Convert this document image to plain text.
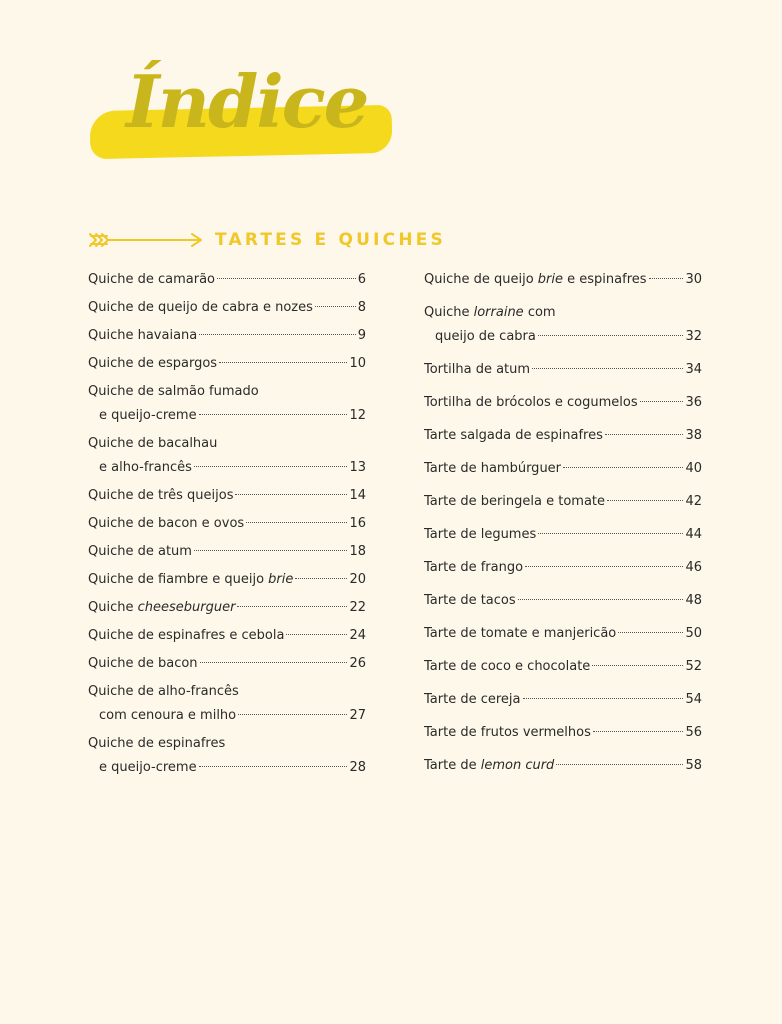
Índice
TARTES E QUICHES
Quiche de camarão	6
Quiche de queijo de cabra e nozes	8
Quiche havaiana	9
Quiche de espargos	10
Quiche de salmão fumado
e queijo-creme	12
Quiche de bacalhau
e alho-francês	13
Quiche de três queijos	14
Quiche de bacon e ovos	16
Quiche de atum	18
Quiche de fiambre e queijo brie	20
Quiche cheeseburguer	22
Quiche de espinafres e cebola	24
Quiche de bacon	26
Quiche de alho-francês
com cenoura e milho	27
Quiche de espinafres
e queijo-creme	28
Quiche de queijo brie e espinafres	30
Quiche lorraine com
queijo de cabra	32
Tortilha de atum	34
Tortilha de brócolos e cogumelos	36
Tarte salgada de espinafres	38
Tarte de hambúrguer	40
Tarte de beringela e tomate	42
Tarte de legumes	44
Tarte de frango	46
Tarte de tacos	48
Tarte de tomate e manjericão	50
Tarte de coco e chocolate	52
Tarte de cereja	54
Tarte de frutos vermelhos	56
Tarte de lemon curd	58
